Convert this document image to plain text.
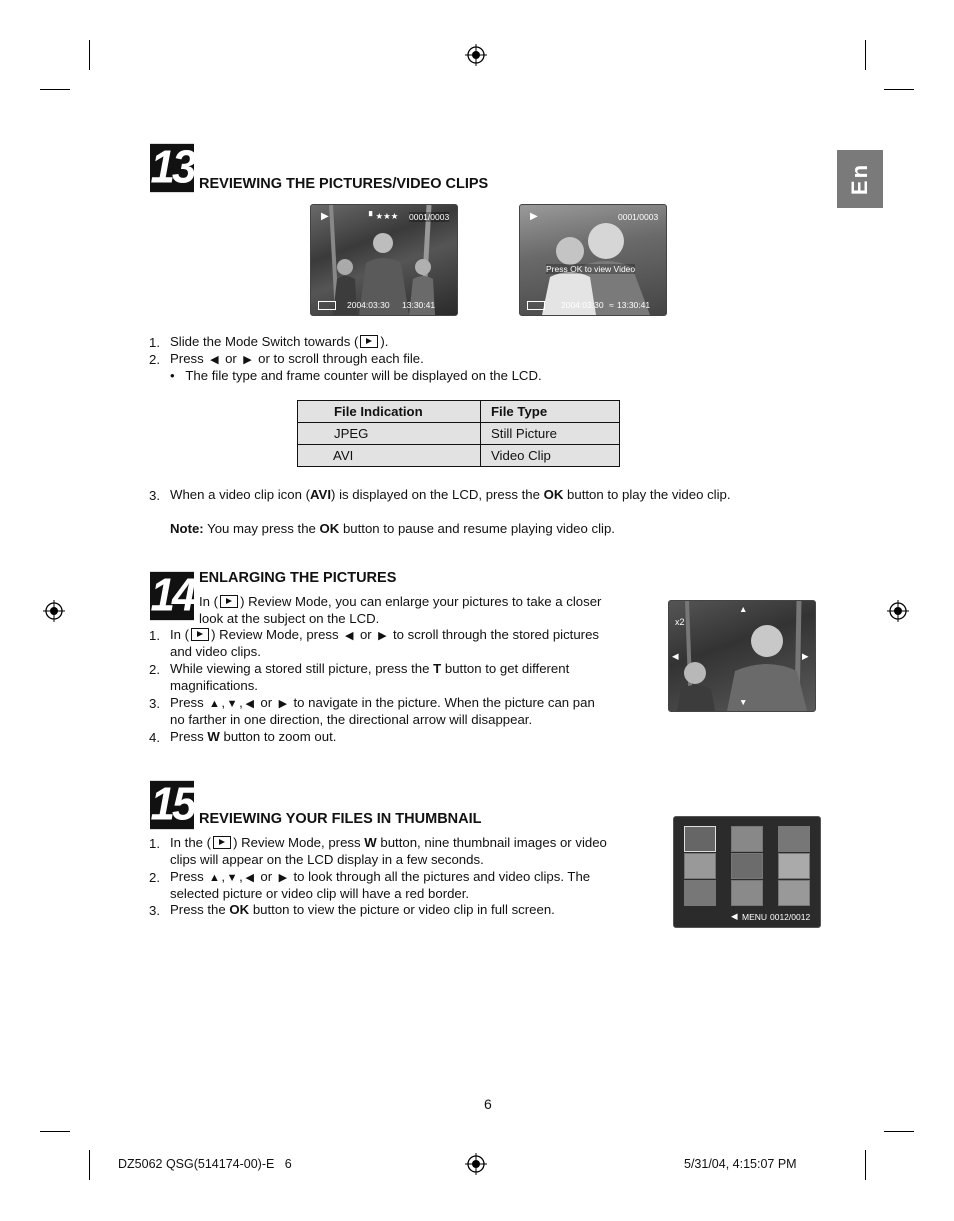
En
13 REVIEWING THE PICTURES/VIDEO CLIPS
▶	▘★★★ 0001/0003
2004:03:30 13:30:41
▶	0001/0003
Press OK to view Video
2004:03:30 ≈ 13:30:41
1. Slide the Mode Switch towards ( ).
2. Press ◀ or ▶ or to scroll through each file.
•   The file type and frame counter will be displayed on the LCD.
File Indication	File Type
JPEG	Still Picture
AVI	Video Clip
3. When a video clip icon (AVI) is displayed on the LCD, press the OK button to play the video clip.
Note: You may press the OK button to pause and resume playing video clip.
14 ENLARGING THE PICTURES
In ( ) Review Mode, you can enlarge your pictures to take a closer
look at the subject on the LCD.
1. In ( ) Review Mode, press ◀ or ▶ to scroll through the stored pictures
and video clips.
2. While viewing a stored still picture, press the T button to get different
magnifications.
3. Press ▲ , ▼ , ◀ or ▶ to navigate in the picture. When the picture can pan
no farther in one direction, the directional arrow will disappear.
4. Press W button to zoom out.
x2
▲
▼
◀	▶
15 REVIEWING YOUR FILES IN THUMBNAIL
1. In the ( ) Review Mode, press W button, nine thumbnail images or video
clips will appear on the LCD display in a few seconds.
2. Press ▲ , ▼ , ◀ or ▶ to look through all the pictures and video clips. The
selected picture or video clip will have a red border.
3. Press the OK button to view the picture or video clip in full screen.	◀ MENU 0012/0012
6
DZ5062 QSG(514174-00)-E   6	5/31/04, 4:15:07 PM
